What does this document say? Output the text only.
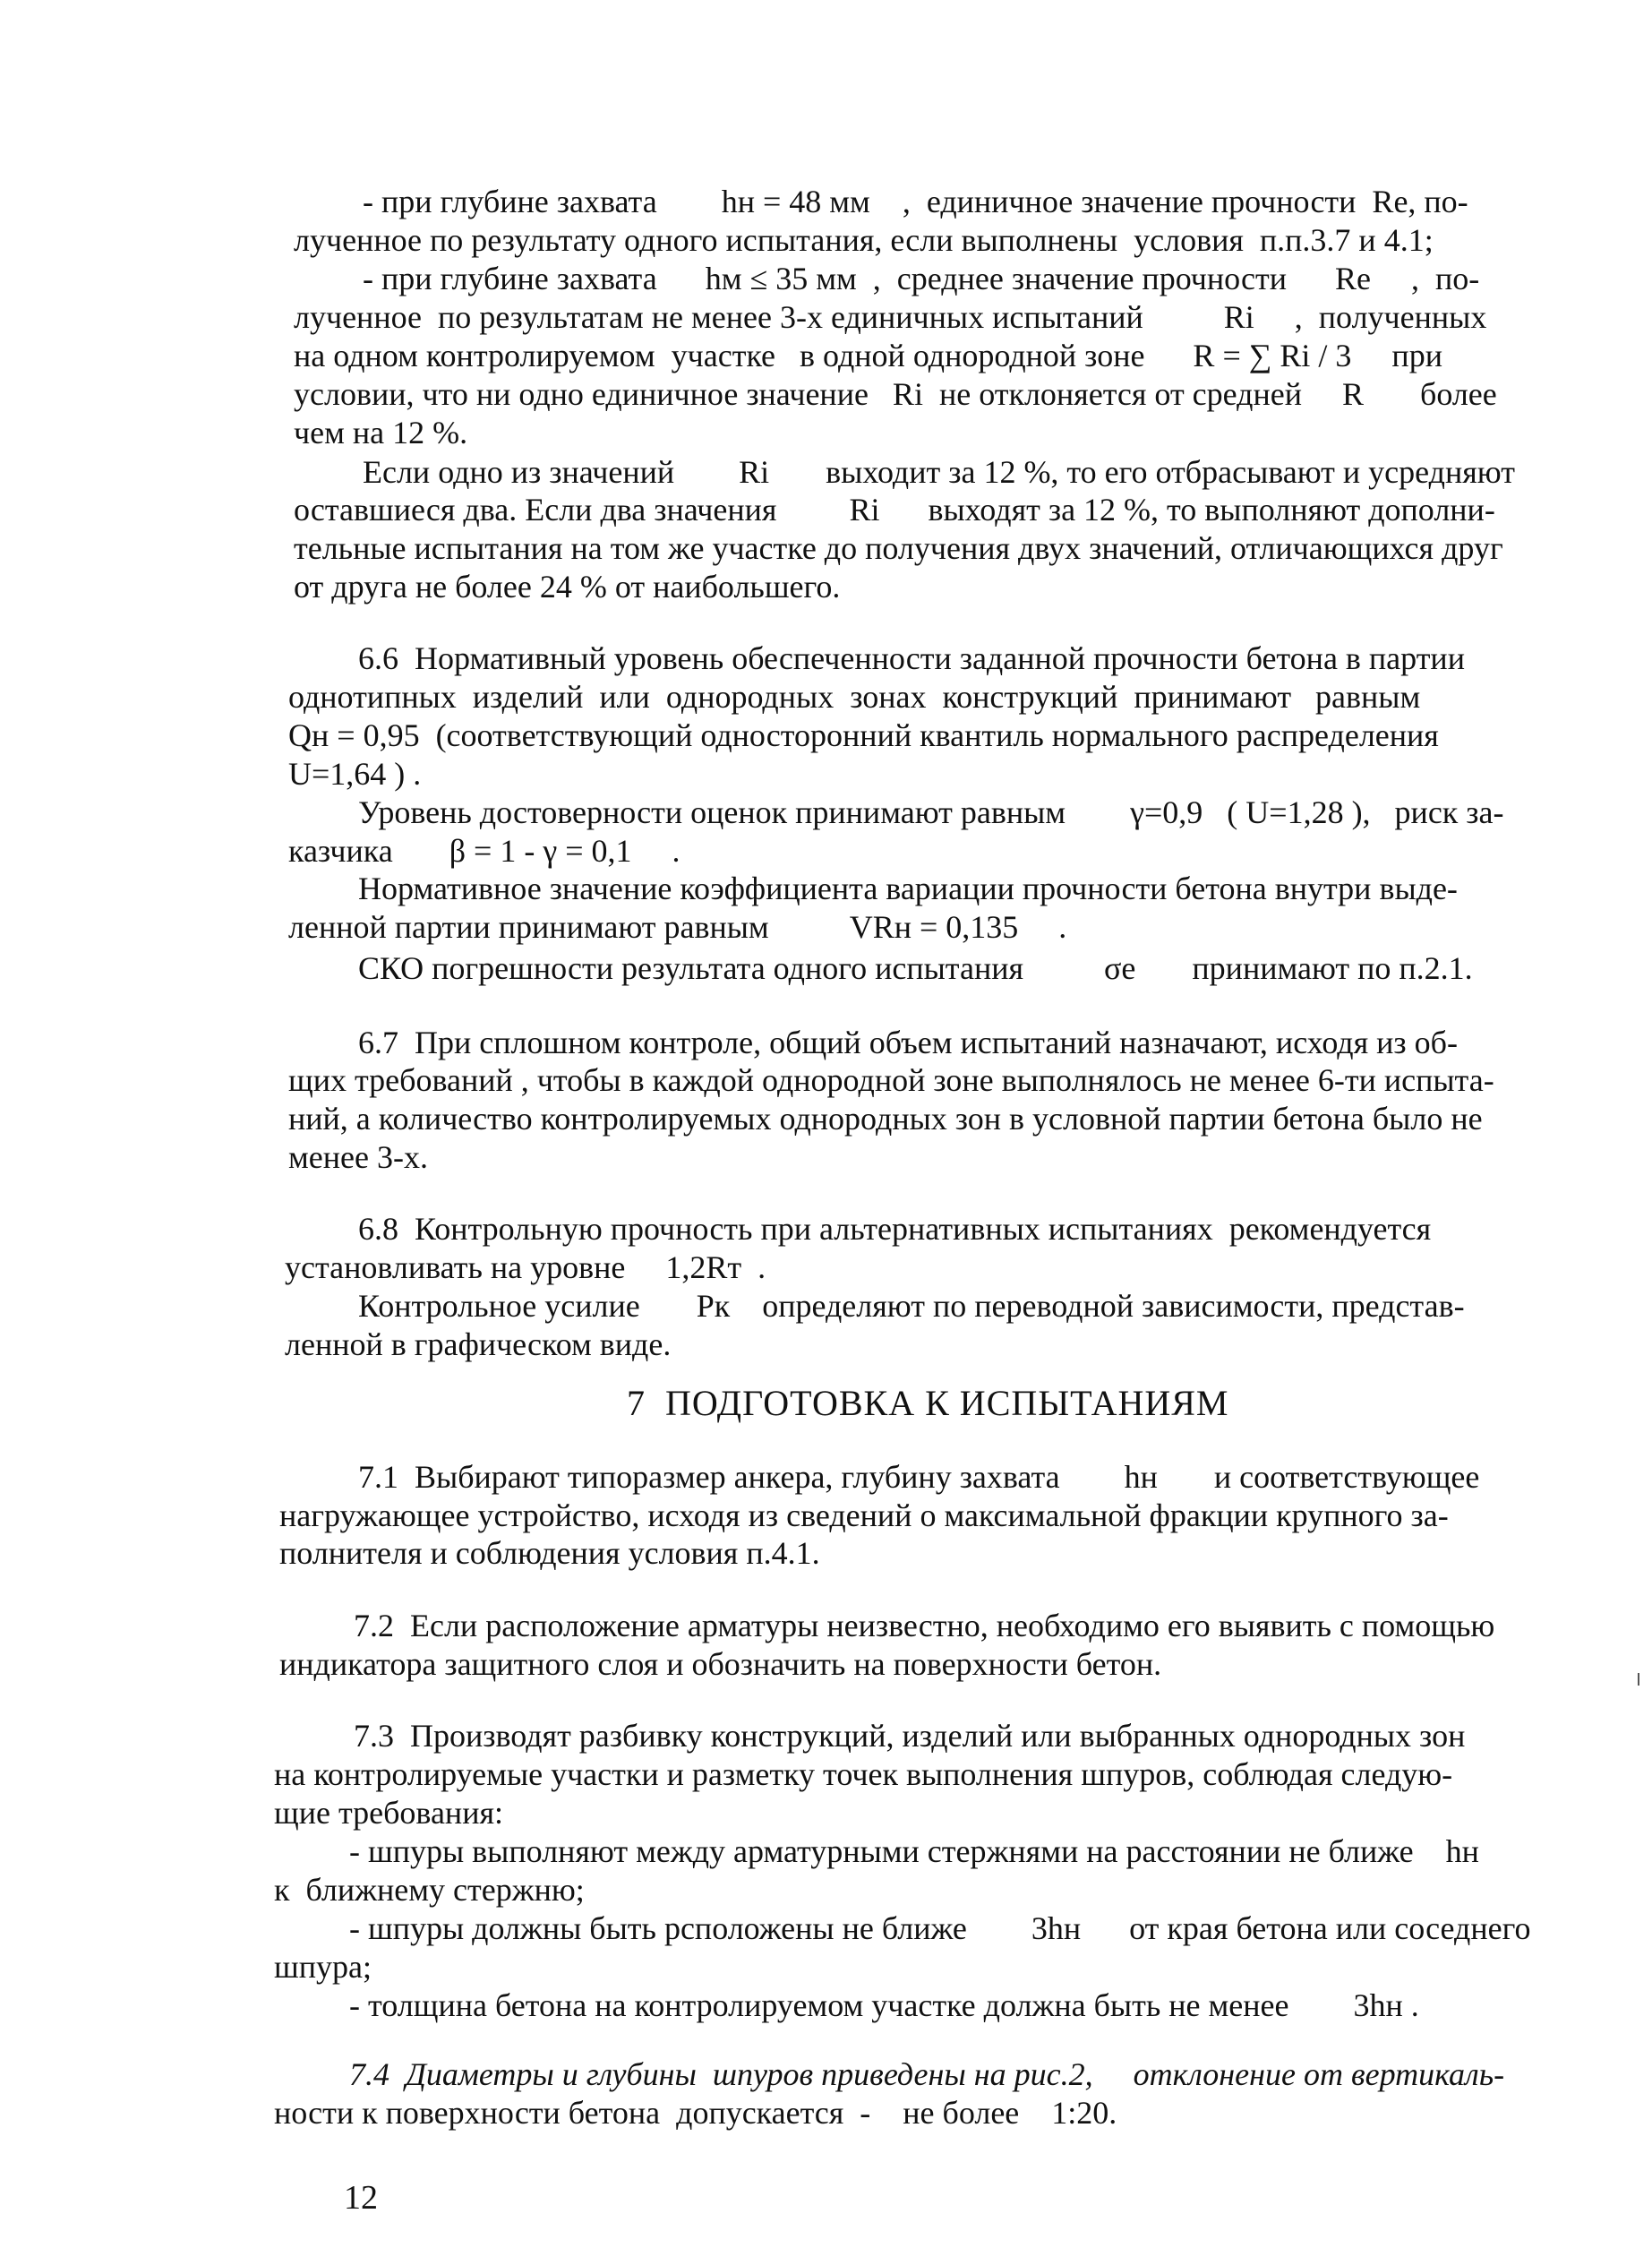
- при глубине захвата        hн = 48 мм    ,  единичное значение прочности  Rе, по-

лученное по результату одного испытания, если выполнены  условия  п.п.3.7 и 4.1;

- при глубине захвата      hм ≤ 35 мм  ,  среднее значение прочности      Rе     ,  по-

лученное  по результатам не менее 3-х единичных испытаний          Ri     ,  полученных

на одном контролируемом  участке   в одной однородной зоне      R = ∑ Ri / 3     при

условии, что ни одно единичное значение   Ri  не отклоняется от средней     R       более

чем на 12 %.

Если одно из значений        Ri       выходит за 12 %, то его отбрасывают и усредняют

оставшиеся два. Если два значения         Ri      выходят за 12 %, то выполняют дополни-

тельные испытания на том же участке до получения двух значений, отличающихся друг

от друга не более 24 % от наибольшего.

6.6  Нормативный уровень обеспеченности заданной прочности бетона в партии

однотипных  изделий  или  однородных  зонах  конструкций  принимают   равным

Qн = 0,95  (соответствующий односторонний квантиль нормального распределения

U=1,64 ) .

Уровень достоверности оценок принимают равным        γ=0,9   ( U=1,28 ),   риск за-

казчика       β = 1 - γ = 0,1     .

Нормативное значение коэффициента вариации прочности бетона внутри выде-

ленной партии принимают равным          VRн = 0,135     .

СКО погрешности результата одного испытания          σе       принимают по п.2.1.

6.7  При сплошном контроле, общий объем испытаний назначают, исходя из об-

щих требований , чтобы в каждой однородной зоне выполнялось не менее 6-ти испыта-

ний, а количество контролируемых однородных зон в условной партии бетона было не

менее 3-х.

6.8  Контрольную прочность при альтернативных испытаниях  рекомендуется

установливать на уровне     1,2Rт  .

Контрольное усилие       Рк    определяют по переводной зависимости, представ-

ленной в графическом виде.

7  ПОДГОТОВКА К ИСПЫТАНИЯМ

7.1  Выбирают типоразмер анкера, глубину захвата        hн       и соответствующее

нагружающее устройство, исходя из сведений о максимальной фракции крупного за-

полнителя и соблюдения условия п.4.1.

7.2  Если расположение арматуры неизвестно, необходимо его выявить с помощью

индикатора защитного слоя и обозначить на поверхности бетон.

7.3  Производят разбивку конструкций, изделий или выбранных однородных зон

на контролируемые участки и разметку точек выполнения шпуров, соблюдая следую-

щие требования:

- шпуры выполняют между арматурными стержнями на расстоянии не ближе    hн

к  ближнему стержню;

- шпуры должны быть рсположены не ближе        3hн      от края бетона или соседнего

шпура;

- толщина бетона на контролируемом участке должна быть не менее        3hн .

7.4  Диаметры и глубины  шпуров приведены на рис.2,     отклонение от вертикаль-

ности к поверхности бетона  допускается  -    не более    1:20.

12
